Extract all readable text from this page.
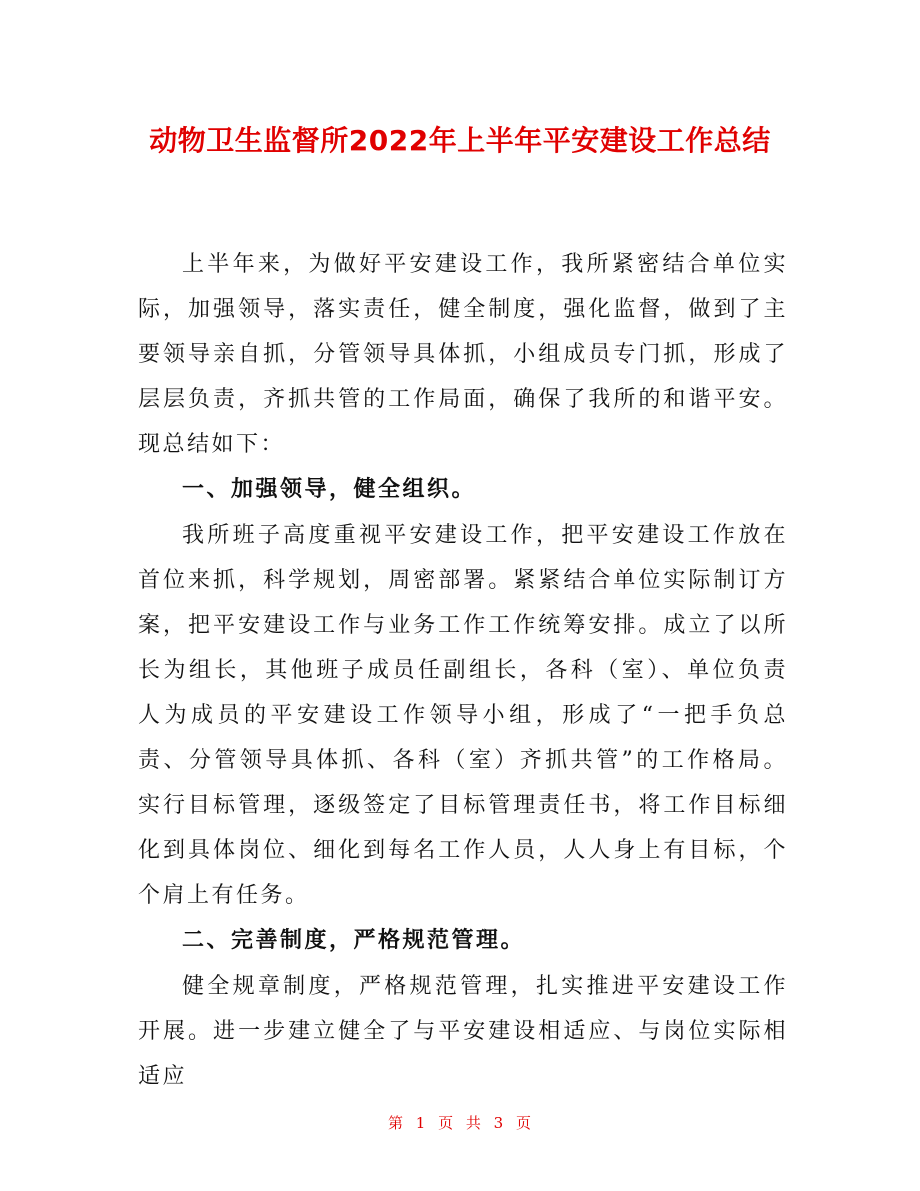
动物卫生监督所2022年上半年平安建设工作总结

上半年来，为做好平安建设工作，我所紧密结合单位实际，加强领导，落实责任，健全制度，强化监督，做到了主要领导亲自抓，分管领导具体抓，小组成员专门抓，形成了层层负责，齐抓共管的工作局面，确保了我所的和谐平安。现总结如下：

一、加强领导，健全组织。

我所班子高度重视平安建设工作，把平安建设工作放在首位来抓，科学规划，周密部署。紧紧结合单位实际制订方案，把平安建设工作与业务工作工作统筹安排。成立了以所长为组长，其他班子成员任副组长，各科（室）、单位负责人为成员的平安建设工作领导小组，形成了“一把手负总责、分管领导具体抓、各科（室）齐抓共管”的工作格局。实行目标管理，逐级签定了目标管理责任书，将工作目标细化到具体岗位、细化到每名工作人员，人人身上有目标，个个肩上有任务。

二、完善制度，严格规范管理。

健全规章制度，严格规范管理，扎实推进平安建设工作开展。进一步建立健全了与平安建设相适应、与岗位实际相适应

第 1 页 共 3 页
